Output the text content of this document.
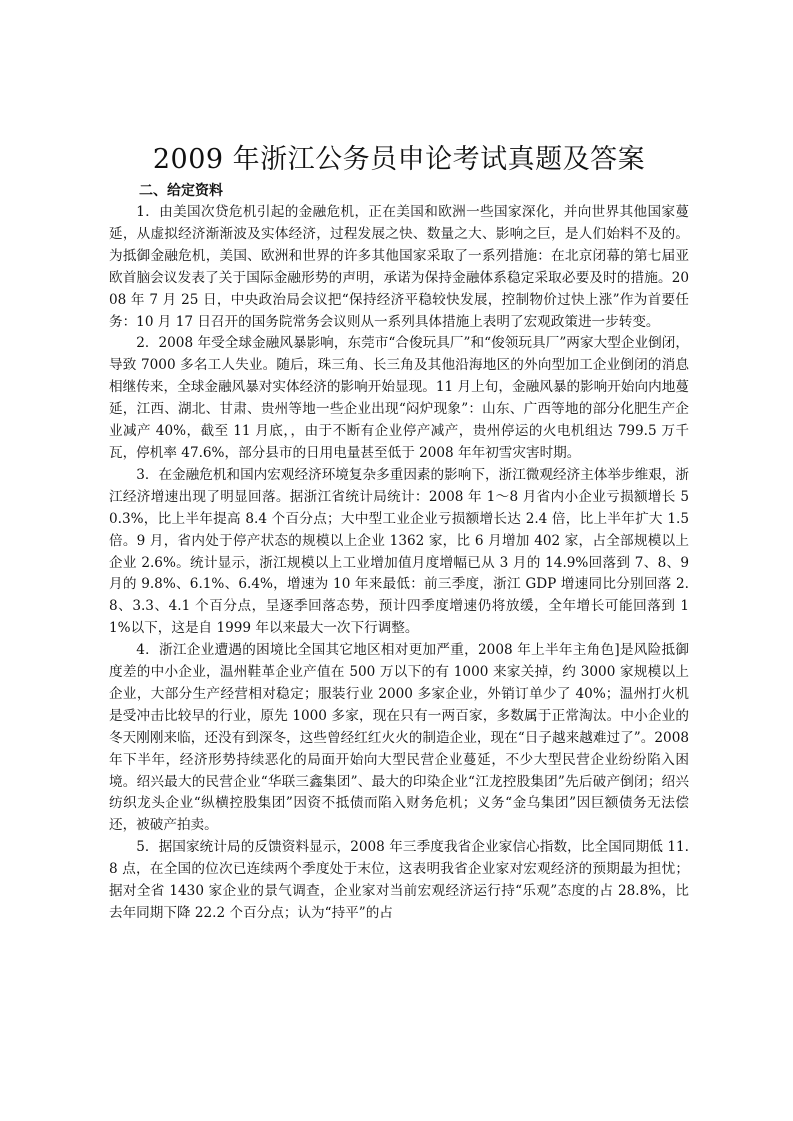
2009 年浙江公务员申论考试真题及答案

二、给定资料

1．由美国次贷危机引起的金融危机，正在美国和欧洲一些国家深化，并向世界其他国家蔓延，从虚拟经济渐渐波及实体经济，过程发展之快、数量之大、影响之巨，是人们始料不及的。为抵御金融危机，美国、欧洲和世界的许多其他国家采取了一系列措施：在北京闭幕的第七届亚欧首脑会议发表了关于国际金融形势的声明，承诺为保持金融体系稳定采取必要及时的措施。2008 年 7 月 25 日，中央政治局会议把“保持经济平稳较快发展，控制物价过快上涨”作为首要任务：10 月 17 日召开的国务院常务会议则从一系列具体措施上表明了宏观政策进一步转变。

2．2008 年受全球金融风暴影响，东莞市“合俊玩具厂”和“俊领玩具厂”两家大型企业倒闭，导致 7000 多名工人失业。随后，珠三角、长三角及其他沿海地区的外向型加工企业倒闭的消息相继传来，全球金融风暴对实体经济的影响开始显现。11 月上旬，金融风暴的影响开始向内地蔓延，江西、湖北、甘肃、贵州等地一些企业出现“闷炉现象”：山东、广西等地的部分化肥生产企业减产 40%，截至 11 月底，，由于不断有企业停产减产，贵州停运的火电机组达 799.5 万千瓦，停机率 47.6%，部分县市的日用电量甚至低于 2008 年年初雪灾害时期。

3．在金融危机和国内宏观经济环境复杂多重因素的影响下，浙江微观经济主体举步维艰，浙江经济增速出现了明显回落。据浙江省统计局统计：2008 年 1～8 月省内小企业亏损额增长 50.3%，比上半年提高 8.4 个百分点；大中型工业企业亏损额增长达 2.4 倍，比上半年扩大 1.5 倍。9 月，省内处于停产状态的规模以上企业 1362 家，比 6 月增加 402 家，占全部规模以上企业 2.6%。统计显示，浙江规模以上工业增加值月度增幅已从 3 月的 14.9%回落到 7、8、9 月的 9.8%、6.1%、6.4%，增速为 10 年来最低：前三季度，浙江 GDP 增速同比分别回落 2.8、3.3、4.1 个百分点，呈逐季回落态势，预计四季度增速仍将放缓，全年增长可能回落到 11%以下，这是自 1999 年以来最大一次下行调整。

4．浙江企业遭遇的困境比全国其它地区相对更加严重，2008 年上半年主角色]是风险抵御度差的中小企业，温州鞋革企业产值在 500 万以下的有 1000 来家关掉，约 3000 家规模以上企业，大部分生产经营相对稳定；服装行业 2000 多家企业，外销订单少了 40%；温州打火机是受冲击比较早的行业，原先 1000 多家，现在只有一两百家，多数属于正常淘汰。中小企业的冬天刚刚来临，还没有到深冬，这些曾经红红火火的制造企业，现在“日子越来越难过了”。2008 年下半年，经济形势持续恶化的局面开始向大型民营企业蔓延，不少大型民营企业纷纷陷入困境。绍兴最大的民营企业“华联三鑫集团”、最大的印染企业“江龙控股集团”先后破产倒闭；绍兴纺织龙头企业“纵横控股集团”因资不抵债而陷入财务危机；义务“金乌集团”因巨额债务无法偿还，被破产拍卖。

5．据国家统计局的反馈资料显示，2008 年三季度我省企业家信心指数，比全国同期低 11.8 点，在全国的位次已连续两个季度处于末位，这表明我省企业家对宏观经济的预期最为担忧；据对全省 1430 家企业的景气调查，企业家对当前宏观经济运行持“乐观”态度的占 28.8%，比去年同期下降 22.2 个百分点；认为“持平”的占
